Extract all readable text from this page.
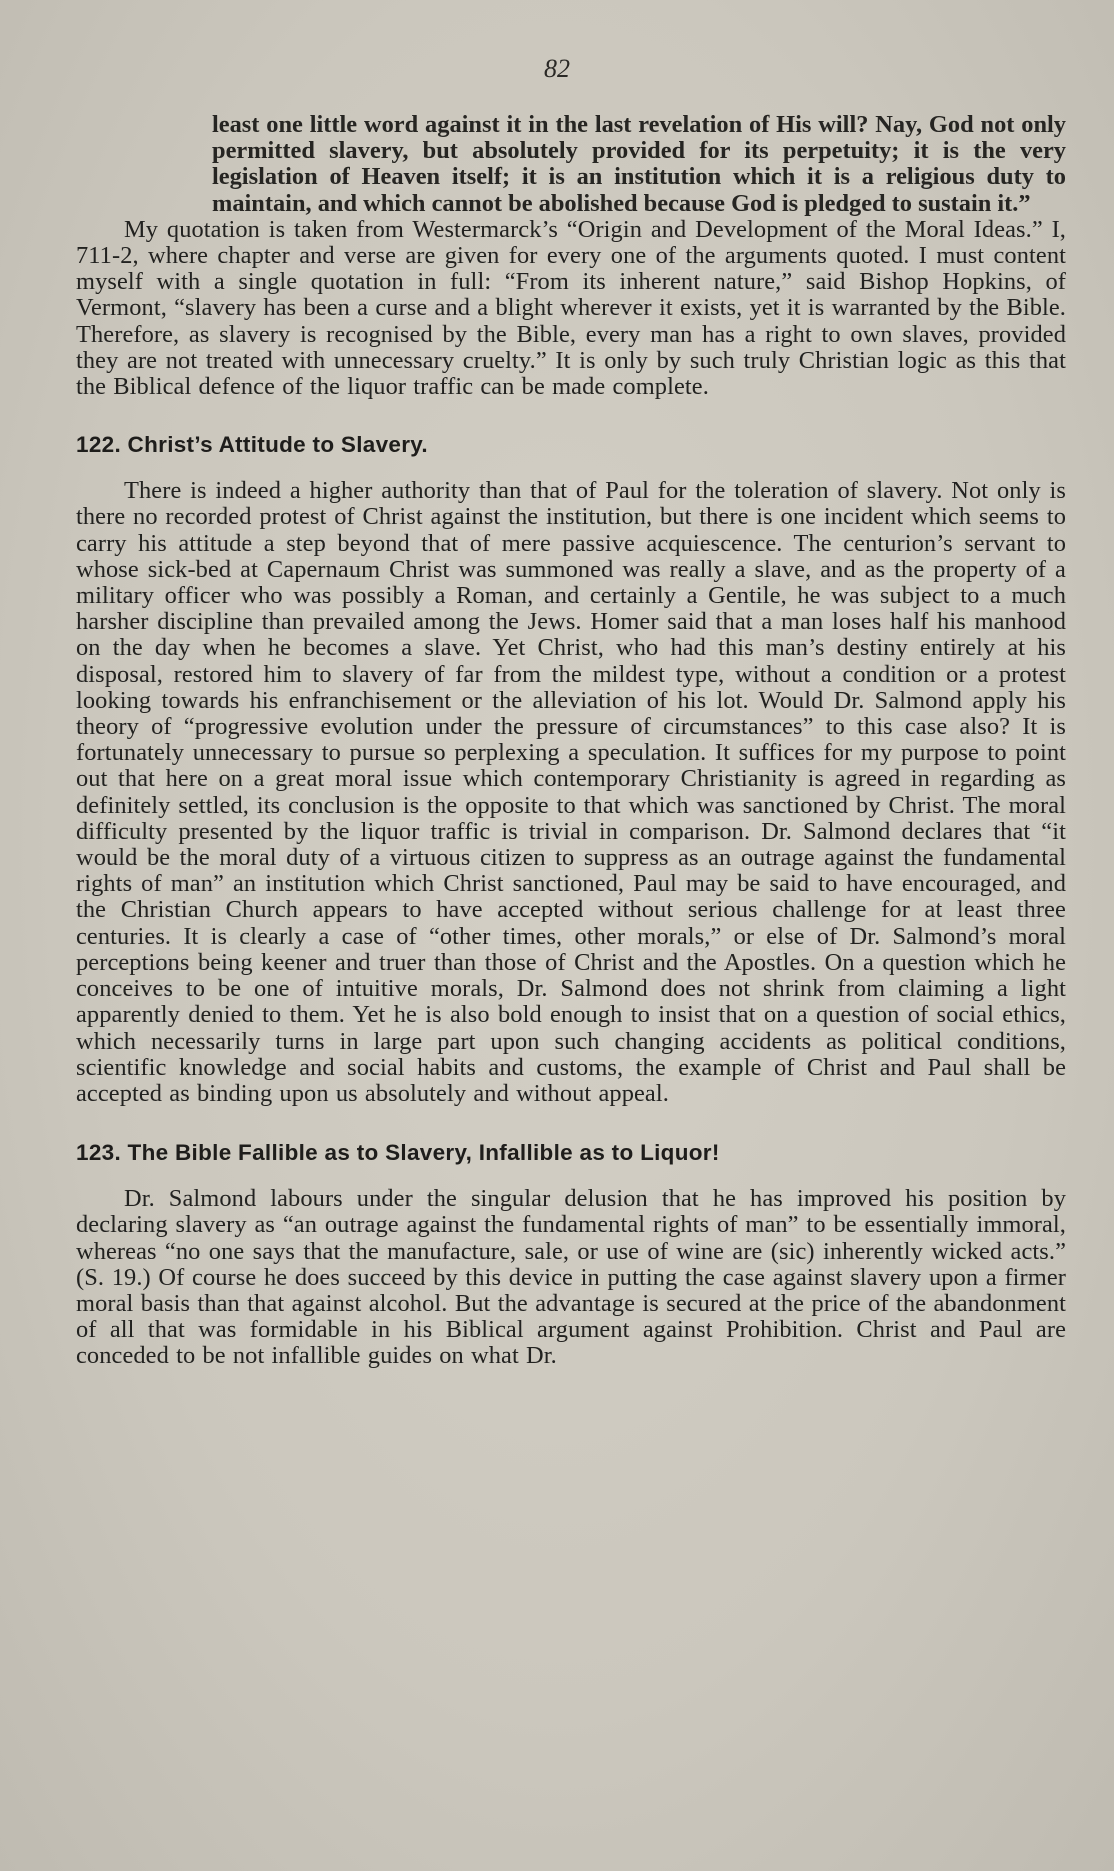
82

least one little word against it in the last revelation of His will? Nay, God not only permitted slavery, but absolutely provided for its perpetuity; it is the very legislation of Heaven itself; it is an institution which it is a religious duty to maintain, and which cannot be abolished because God is pledged to sustain it.”

My quotation is taken from Westermarck’s “Origin and Development of the Moral Ideas.” I, 711-2, where chapter and verse are given for every one of the arguments quoted. I must content myself with a single quotation in full: “From its inherent nature,” said Bishop Hopkins, of Vermont, “slavery has been a curse and a blight wherever it exists, yet it is warranted by the Bible. Therefore, as slavery is recognised by the Bible, every man has a right to own slaves, provided they are not treated with unnecessary cruelty.” It is only by such truly Christian logic as this that the Biblical defence of the liquor traffic can be made complete.

122. Christ’s Attitude to Slavery.

There is indeed a higher authority than that of Paul for the toleration of slavery. Not only is there no recorded protest of Christ against the institution, but there is one incident which seems to carry his attitude a step beyond that of mere passive acquiescence. The centurion’s servant to whose sick-bed at Capernaum Christ was summoned was really a slave, and as the property of a military officer who was possibly a Roman, and certainly a Gentile, he was subject to a much harsher discipline than prevailed among the Jews. Homer said that a man loses half his manhood on the day when he becomes a slave. Yet Christ, who had this man’s destiny entirely at his disposal, restored him to slavery of far from the mildest type, without a condition or a protest looking towards his enfranchisement or the alleviation of his lot. Would Dr. Salmond apply his theory of “progressive evolution under the pressure of circumstances” to this case also? It is fortunately unnecessary to pursue so perplexing a speculation. It suffices for my purpose to point out that here on a great moral issue which contemporary Christianity is agreed in regarding as definitely settled, its conclusion is the opposite to that which was sanctioned by Christ. The moral difficulty presented by the liquor traffic is trivial in comparison. Dr. Salmond declares that “it would be the moral duty of a virtuous citizen to suppress as an outrage against the fundamental rights of man” an institution which Christ sanctioned, Paul may be said to have encouraged, and the Christian Church appears to have accepted without serious challenge for at least three centuries. It is clearly a case of “other times, other morals,” or else of Dr. Salmond’s moral perceptions being keener and truer than those of Christ and the Apostles. On a question which he conceives to be one of intuitive morals, Dr. Salmond does not shrink from claiming a light apparently denied to them. Yet he is also bold enough to insist that on a question of social ethics, which necessarily turns in large part upon such changing accidents as political conditions, scientific knowledge and social habits and customs, the example of Christ and Paul shall be accepted as binding upon us absolutely and without appeal.

123. The Bible Fallible as to Slavery, Infallible as to Liquor!

Dr. Salmond labours under the singular delusion that he has improved his position by declaring slavery as “an outrage against the fundamental rights of man” to be essentially immoral, whereas “no one says that the manufacture, sale, or use of wine are (sic) inherently wicked acts.” (S. 19.) Of course he does succeed by this device in putting the case against slavery upon a firmer moral basis than that against alcohol. But the advantage is secured at the price of the abandonment of all that was formidable in his Biblical argument against Prohibition. Christ and Paul are conceded to be not infallible guides on what Dr.
